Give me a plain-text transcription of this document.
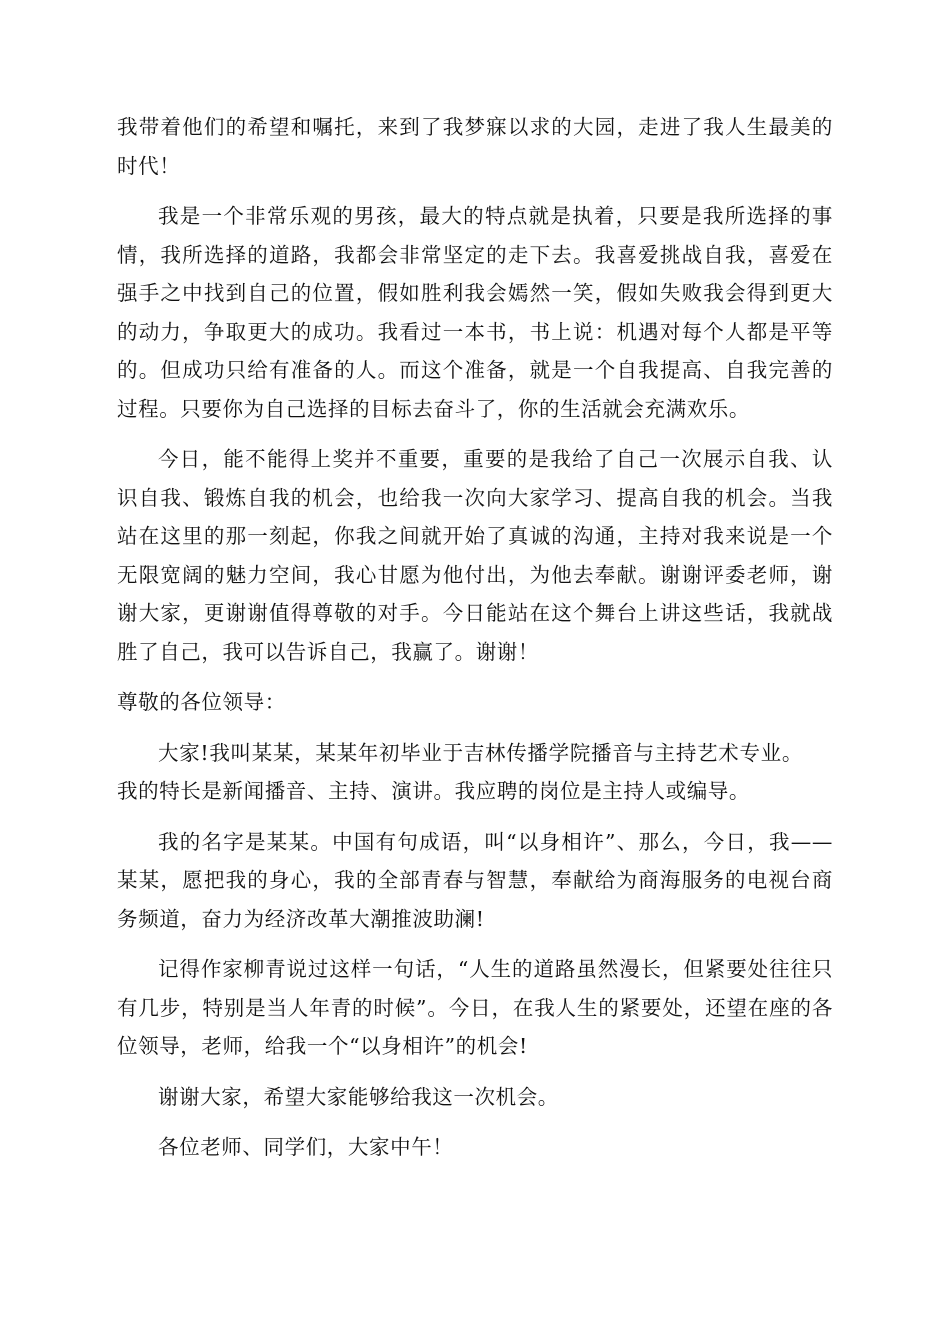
我带着他们的希望和嘱托，来到了我梦寐以求的大园，走进了我人生最美的时代！

我是一个非常乐观的男孩，最大的特点就是执着，只要是我所选择的事情，我所选择的道路，我都会非常坚定的走下去。我喜爱挑战自我，喜爱在强手之中找到自己的位置，假如胜利我会嫣然一笑，假如失败我会得到更大的动力，争取更大的成功。我看过一本书，书上说：机遇对每个人都是平等的。但成功只给有准备的人。而这个准备，就是一个自我提高、自我完善的过程。只要你为自己选择的目标去奋斗了，你的生活就会充满欢乐。

今日，能不能得上奖并不重要，重要的是我给了自己一次展示自我、认识自我、锻炼自我的机会，也给我一次向大家学习、提高自我的机会。当我站在这里的那一刻起，你我之间就开始了真诚的沟通，主持对我来说是一个无限宽阔的魅力空间，我心甘愿为他付出，为他去奉献。谢谢评委老师，谢谢大家，更谢谢值得尊敬的对手。今日能站在这个舞台上讲这些话，我就战胜了自己，我可以告诉自己，我赢了。谢谢！

尊敬的各位领导：

大家!我叫某某，某某年初毕业于吉林传播学院播音与主持艺术专业。我的特长是新闻播音、主持、演讲。我应聘的岗位是主持人或编导。

我的名字是某某。中国有句成语，叫“以身相许”、那么，今日，我——某某，愿把我的身心，我的全部青春与智慧，奉献给为商海服务的电视台商务频道，奋力为经济改革大潮推波助澜!

记得作家柳青说过这样一句话，“人生的道路虽然漫长，但紧要处往往只有几步，特别是当人年青的时候”。今日，在我人生的紧要处，还望在座的各位领导，老师，给我一个“以身相许”的机会!

谢谢大家，希望大家能够给我这一次机会。

各位老师、同学们，大家中午！
